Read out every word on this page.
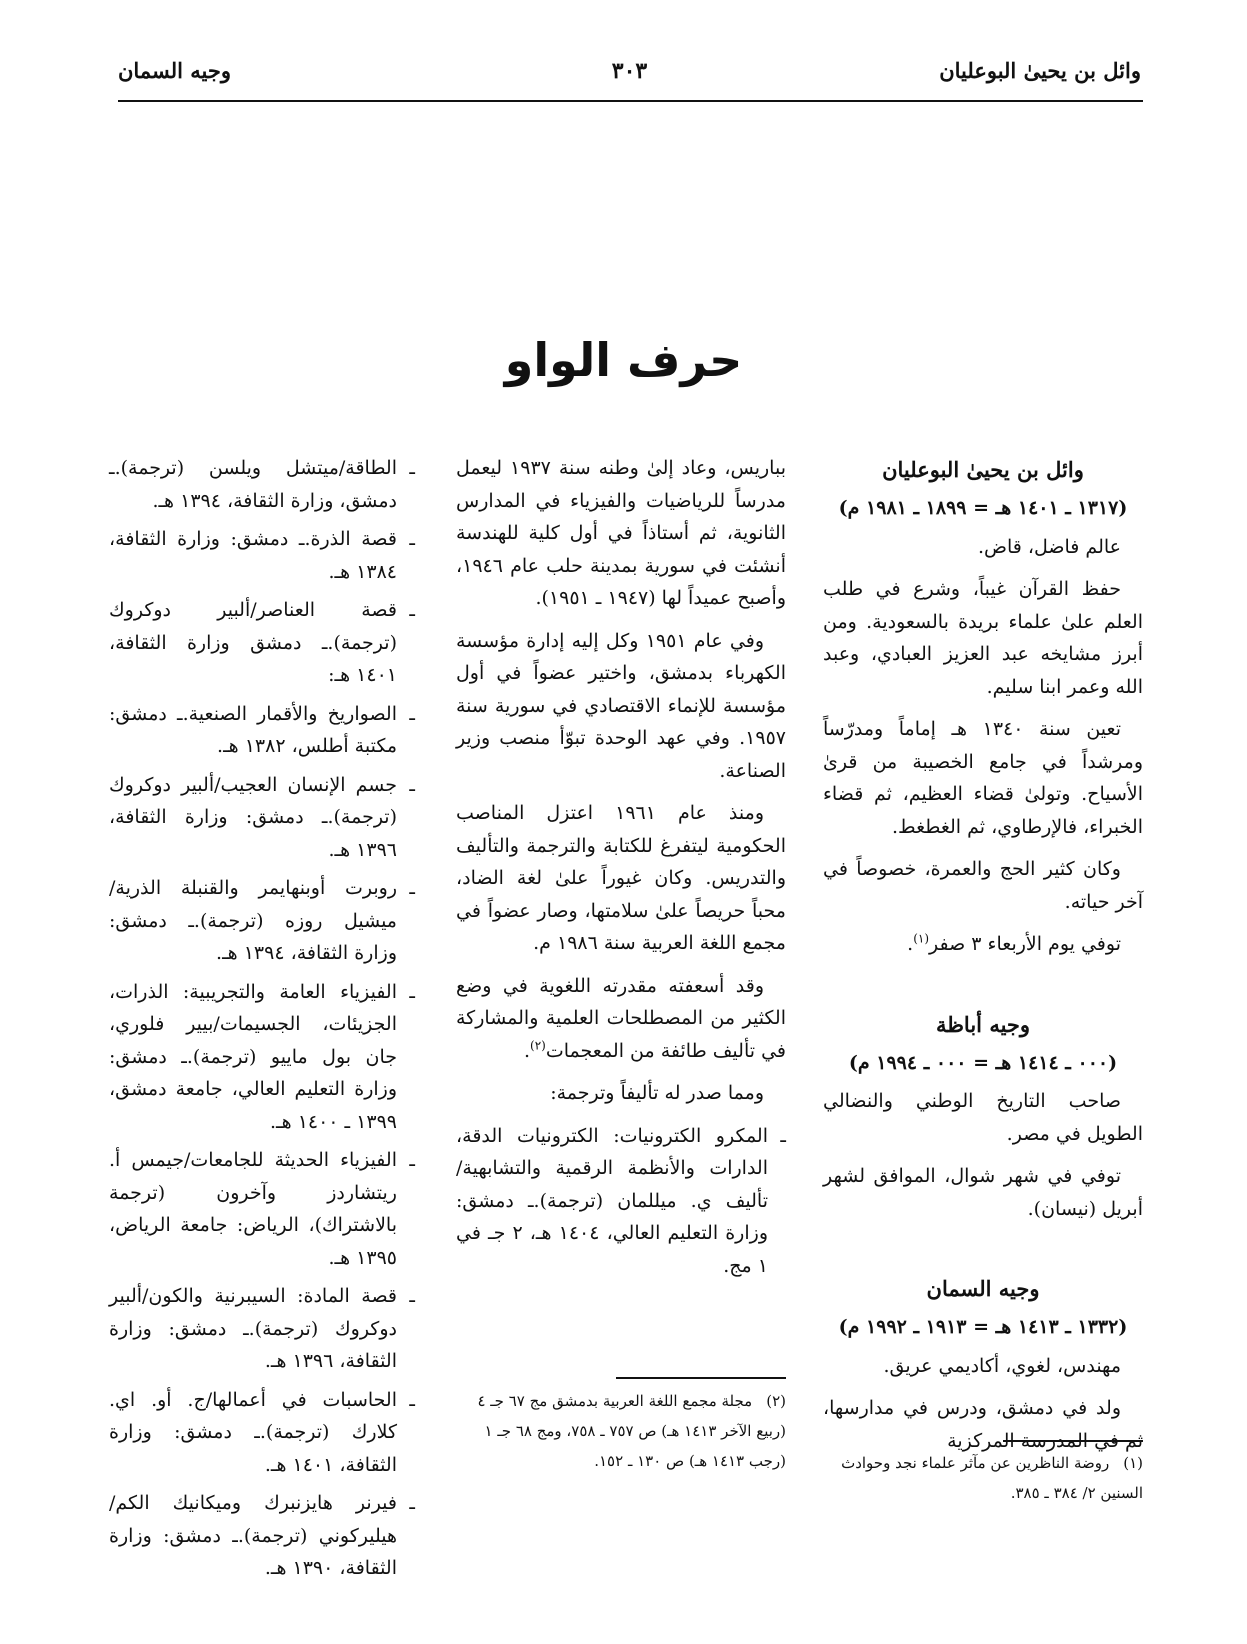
وائل بن يحيىٰ البوعليان
٣٠٣
وجيه السمان
حرف الواو
وائل بن يحيىٰ البوعليان
(١٣١٧ ـ ١٤٠١ هـ = ١٨٩٩ ـ ١٩٨١ م)

عالم فاضل، قاض.

حفظ القرآن غيباً، وشرع في طلب العلم علىٰ علماء بريدة بالسعودية. ومن أبرز مشايخه عبد العزيز العبادي، وعبد الله وعمر ابنا سليم.

تعين سنة ١٣٤٠ هـ إماماً ومدرّساً ومرشداً في جامع الخصيبة من قرىٰ الأسياح. وتولىٰ قضاء العظيم، ثم قضاء الخبراء، فالإرطاوي، ثم الغطغط.

وكان كثير الحج والعمرة، خصوصاً في آخر حياته.

توفي يوم الأربعاء ٣ صفر$^{(١)}$.

وجيه أباظة
(٠٠٠ ـ ١٤١٤ هـ = ٠٠٠ ـ ١٩٩٤ م)

صاحب التاريخ الوطني والنضالي الطويل في مصر.

توفي في شهر شوال، الموافق لشهر أبريل (نيسان).

وجيه السمان
(١٣٣٢ ـ ١٤١٣ هـ = ١٩١٣ ـ ١٩٩٢ م)

مهندس، لغوي، أكاديمي عريق.

ولد في دمشق، ودرس في مدارسها، ثم في المدرسة المركزية

بباريس، وعاد إلىٰ وطنه سنة ١٩٣٧ ليعمل مدرساً للرياضيات والفيزياء في المدارس الثانوية، ثم أستاذاً في أول كلية للهندسة أنشئت في سورية بمدينة حلب عام ١٩٤٦، وأصبح عميداً لها (١٩٤٧ ـ ١٩٥١).

وفي عام ١٩٥١ وكل إليه إدارة مؤسسة الكهرباء بدمشق، واختير عضواً في أول مؤسسة للإنماء الاقتصادي في سورية سنة ١٩٥٧. وفي عهد الوحدة تبوّأ منصب وزير الصناعة.

ومنذ عام ١٩٦١ اعتزل المناصب الحكومية ليتفرغ للكتابة والترجمة والتأليف والتدريس. وكان غيوراً علىٰ لغة الضاد، محباً حريصاً علىٰ سلامتها، وصار عضواً في مجمع اللغة العربية سنة ١٩٨٦ م.

وقد أسعفته مقدرته اللغوية في وضع الكثير من المصطلحات العلمية والمشاركة في تأليف طائفة من المعجمات$^{(٢)}$.

ومما صدر له تأليفاً وترجمة:

ـ المكرو الكترونيات: الكترونيات الدقة، الدارات والأنظمة الرقمية والتشابهية/تأليف ي. ميللمان (ترجمة).ـ دمشق: وزارة التعليم العالي، ١٤٠٤ هـ، ٢ جـ في ١ مج.
ـ الطاقة/ميتشل ويلسن (ترجمة).ـ دمشق، وزارة الثقافة، ١٣٩٤ هـ.
ـ قصة الذرة.ـ دمشق: وزارة الثقافة، ١٣٨٤ هـ.
ـ قصة العناصر/ألبير دوكروك (ترجمة).ـ دمشق وزارة الثقافة، ١٤٠١ هـ:
ـ الصواريخ والأقمار الصنعية.ـ دمشق: مكتبة أطلس، ١٣٨٢ هـ.
ـ جسم الإنسان العجيب/ألبير دوكروك (ترجمة).ـ دمشق: وزارة الثقافة، ١٣٩٦ هـ.
ـ روبرت أوبنهايمر والقنبلة الذرية/ميشيل روزه (ترجمة).ـ دمشق: وزارة الثقافة، ١٣٩٤ هـ.
ـ الفيزياء العامة والتجريبية: الذرات، الجزيئات، الجسيمات/بيير فلوري، جان بول ماييو (ترجمة).ـ دمشق: وزارة التعليم العالي، جامعة دمشق، ١٣٩٩ ـ ١٤٠٠ هـ.
ـ الفيزياء الحديثة للجامعات/جيمس أ. ريتشاردز وآخرون (ترجمة بالاشتراك)، الرياض: جامعة الرياض، ١٣٩٥ هـ.
ـ قصة المادة: السيبرنية والكون/ألبير دوكروك (ترجمة).ـ دمشق: وزارة الثقافة، ١٣٩٦ هـ.
ـ الحاسبات في أعمالها/ج. أو. اي. كلارك (ترجمة).ـ دمشق: وزارة الثقافة، ١٤٠١ هـ.
ـ فيرنر هايزنبرك وميكانيك الكم/هيليركوني (ترجمة).ـ دمشق: وزارة الثقافة، ١٣٩٠ هـ.
(٢)مجلة مجمع اللغة العربية بدمشق مج ٦٧ جـ ٤ (ربيع الآخر ١٤١٣ هـ) ص ٧٥٧ ـ ٧٥٨، ومج ٦٨ جـ ١ (رجب ١٤١٣ هـ) ص ١٣٠ ـ ١٥٢.	(١)روضة الناظرين عن مآثر علماء نجد وحوادث السنين ٢/ ٣٨٤ ـ ٣٨٥.
